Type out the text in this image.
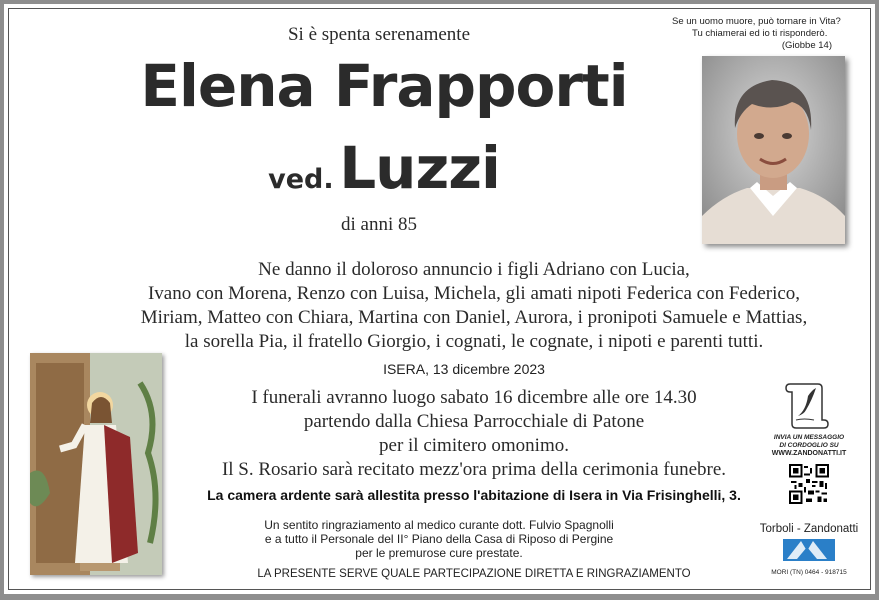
Si è spenta serenamente
Elena Frapporti
ved. Luzzi
di anni 85
Se un uomo muore, può tornare in Vita?
Tu chiamerai ed io ti risponderò.
(Giobbe 14)
Ne danno il doloroso annuncio i figli Adriano con Lucia,
Ivano con Morena, Renzo con Luisa, Michela, gli amati nipoti Federica con Federico,
Miriam, Matteo con Chiara, Martina con Daniel, Aurora, i pronipoti Samuele e Mattias,
la sorella Pia, il fratello Giorgio, i cognati, le cognate, i nipoti e parenti tutti.
ISERA, 13 dicembre 2023
I funerali avranno luogo sabato 16 dicembre alle ore 14.30
partendo dalla Chiesa Parrocchiale di Patone
per il cimitero omonimo.
Il S. Rosario sarà recitato mezz'ora prima della cerimonia funebre.
La camera ardente sarà allestita presso l'abitazione di Isera in Via Frisinghelli, 3.
Un sentito ringraziamento al medico curante dott. Fulvio Spagnolli
e a tutto il Personale del II° Piano della Casa di Riposo di Pergine
per le premurose cure prestate.
LA PRESENTE SERVE QUALE PARTECIPAZIONE DIRETTA E RINGRAZIAMENTO
INVIA UN MESSAGGIO
DI CORDOGLIO SU
WWW.ZANDONATTI.IT
Torboli - Zandonatti
MORI (TN) 0464 - 918715
